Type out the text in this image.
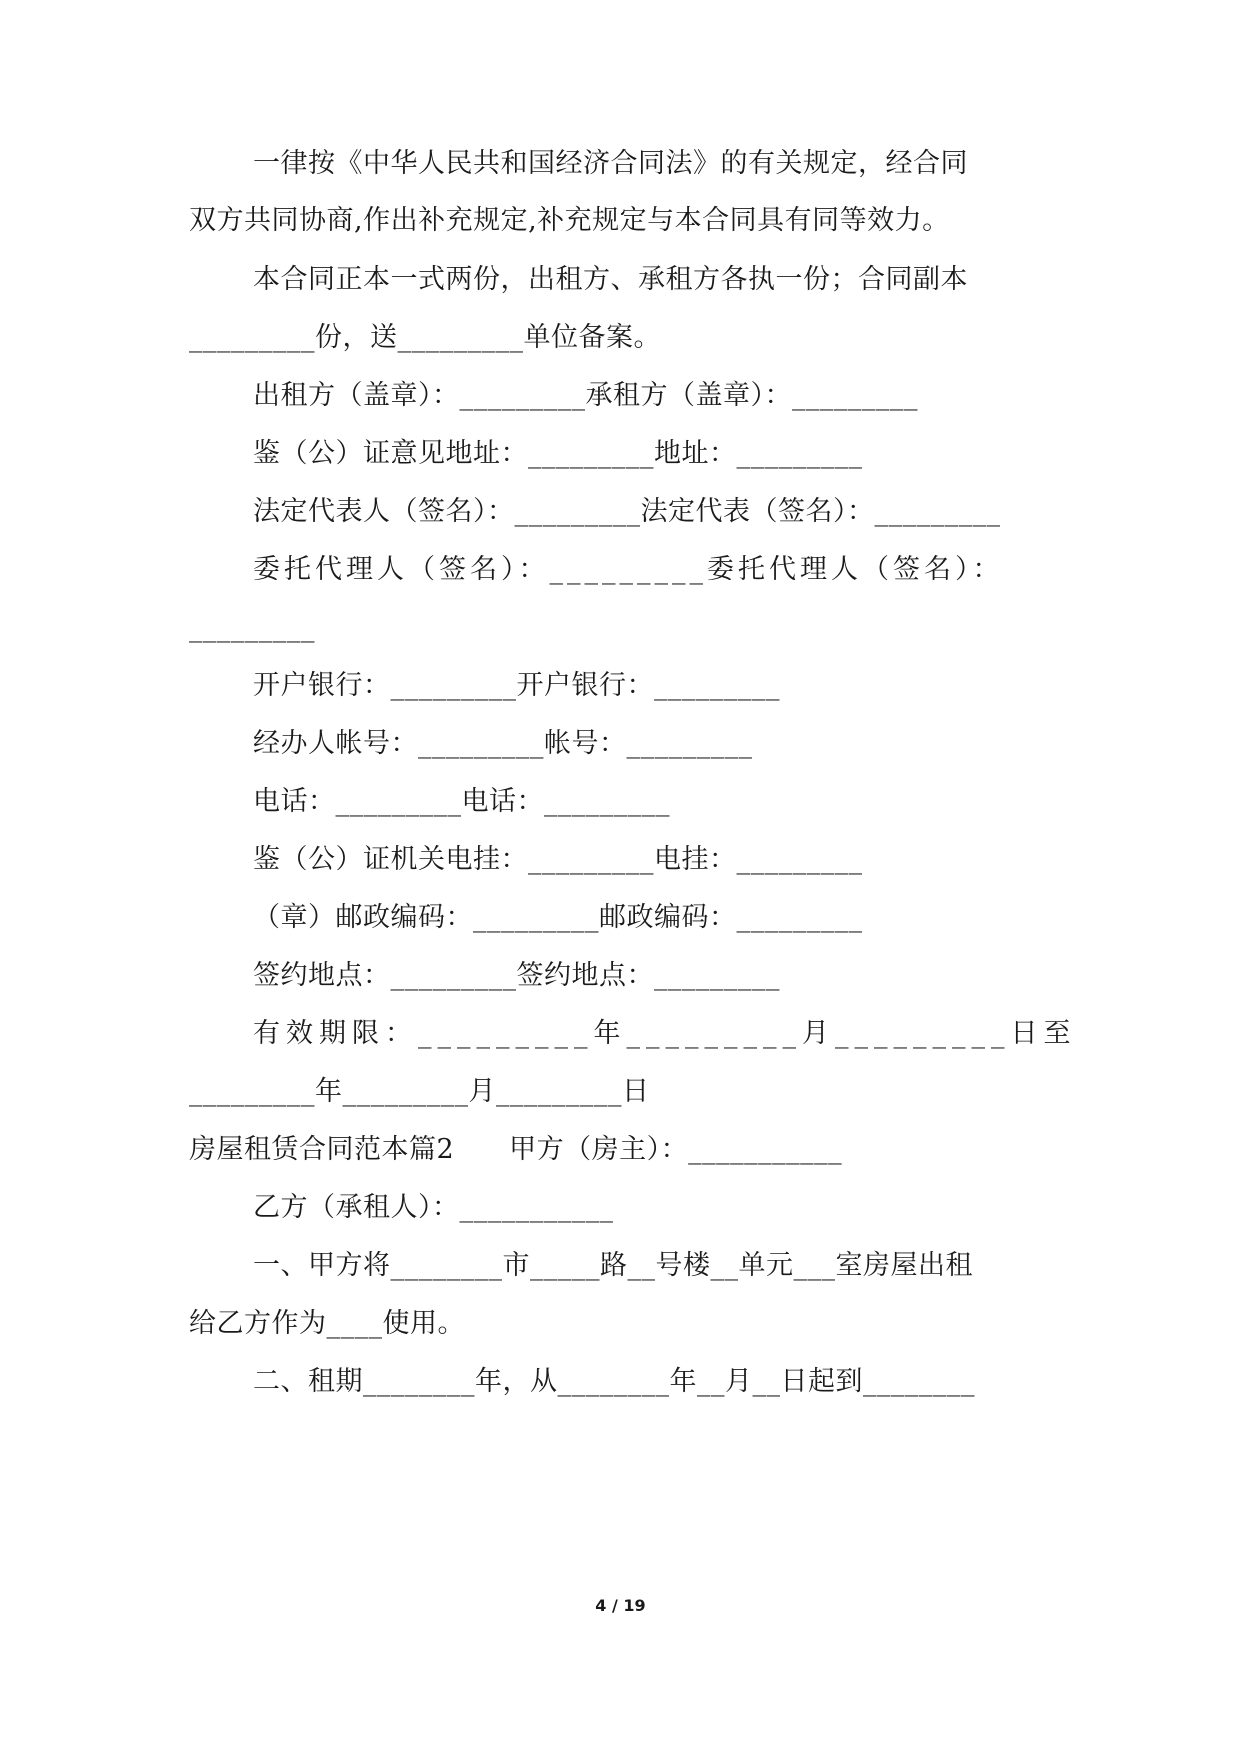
一律按《中华人民共和国经济合同法》的有关规定，经合同
双方共同协商,作出补充规定,补充规定与本合同具有同等效力。
本合同正本一式两份，出租方、承租方各执一份；合同副本
_________份，送_________单位备案。
出租方（盖章）：_________承租方（盖章）：_________
鉴（公）证意见地址：_________地址：_________
法定代表人（签名）：_________法定代表（签名）：_________
委托代理人（签名）：_________委托代理人（签名）：
_________
开户银行：_________开户银行：_________
经办人帐号：_________帐号：_________
电话：_________电话：_________
鉴（公）证机关电挂：_________电挂：_________
（章）邮政编码：_________邮政编码：_________
签约地点：_________签约地点：_________
有效期限：_________年_________月_________日至
_________年_________月_________日
房屋租赁合同范本篇2　　甲方（房主）：___________
乙方（承租人）：___________
一、甲方将________市_____路__号楼__单元___室房屋出租
给乙方作为____使用。
二、租期________年，从________年__月__日起到________
4 / 19
